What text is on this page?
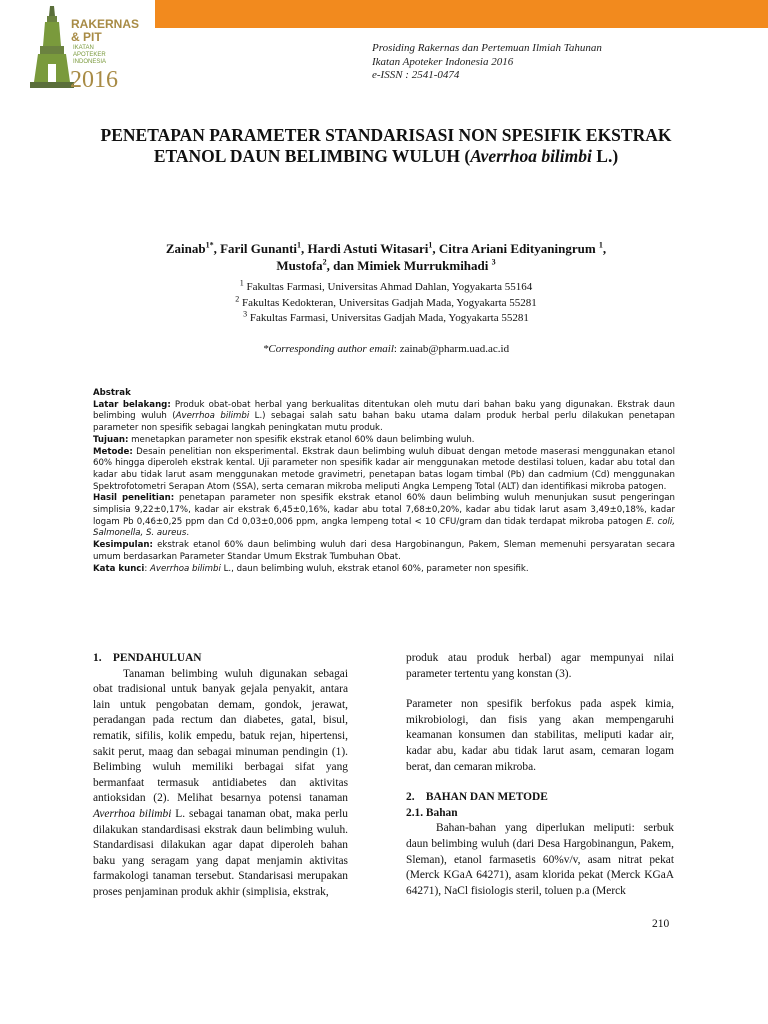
RAKERNAS
& PIT
IKATAN
APOTEKER
INDONESIA
2016
Prosiding Rakernas dan Pertemuan Ilmiah Tahunan
Ikatan Apoteker Indonesia 2016
e-ISSN : 2541-0474
PENETAPAN PARAMETER STANDARISASI NON SPESIFIK EKSTRAK ETANOL DAUN BELIMBING WULUH (Averrhoa bilimbi L.)
Zainab$^{1*}$, Faril Gunanti$^1$, Hardi Astuti Witasari$^1$, Citra Ariani Edityaningrum $^1$,
Mustofa$^2$, dan Mimiek Murrukmihadi $^3$
$^1$ Fakultas Farmasi, Universitas Ahmad Dahlan, Yogyakarta 55164
$^2$ Fakultas Kedokteran, Universitas Gadjah Mada, Yogyakarta 55281
$^3$ Fakultas Farmasi, Universitas Gadjah Mada, Yogyakarta 55281
*Corresponding author email: zainab@pharm.uad.ac.id

Abstrak

Latar belakang: Produk obat-obat herbal yang berkualitas ditentukan oleh mutu dari bahan baku yang digunakan. Ekstrak daun belimbing wuluh (Averrhoa bilimbi L.) sebagai salah satu bahan baku utama dalam produk herbal perlu dilakukan penetapan parameter non spesifik sebagai langkah peningkatan mutu produk.

Tujuan: menetapkan parameter non spesifik ekstrak etanol 60% daun belimbing wuluh.

Metode: Desain penelitian non eksperimental. Ekstrak daun belimbing wuluh dibuat dengan metode maserasi menggunakan etanol 60% hingga diperoleh ekstrak kental. Uji parameter non spesifik kadar air menggunakan metode destilasi toluen, kadar abu total dan kadar abu tidak larut asam menggunakan metode gravimetri, penetapan batas logam timbal (Pb) dan cadmium (Cd) menggunakan Spektrofotometri Serapan Atom (SSA), serta cemaran mikroba meliputi Angka Lempeng Total (ALT) dan identifikasi mikroba patogen.

Hasil penelitian: penetapan parameter non spesifik ekstrak etanol 60% daun belimbing wuluh menunjukan susut pengeringan simplisia 9,22±0,17%, kadar air ekstrak 6,45±0,16%, kadar abu total 7,68±0,20%, kadar abu tidak larut asam 3,49±0,18%, kadar logam Pb 0,46±0,25 ppm dan Cd 0,03±0,006 ppm, angka lempeng total < 10 CFU/gram dan tidak terdapat mikroba patogen E. coli, Salmonella, S. aureus.

Kesimpulan: ekstrak etanol 60% daun belimbing wuluh dari desa Hargobinangun, Pakem, Sleman memenuhi persyaratan secara umum berdasarkan Parameter Standar Umum Ekstrak Tumbuhan Obat.

Kata kunci: Averrhoa bilimbi L., daun belimbing wuluh, ekstrak etanol 60%, parameter non spesifik.

1.    PENDAHULUAN

Tanaman belimbing wuluh digunakan sebagai obat tradisional untuk banyak gejala penyakit, antara lain untuk pengobatan demam, gondok, jerawat, peradangan pada rectum dan diabetes, gatal, bisul, rematik, sifilis, kolik empedu, batuk rejan, hipertensi, sakit perut, maag dan sebagai minuman pendingin (1). Belimbing wuluh memiliki berbagai sifat yang bermanfaat termasuk antidiabetes dan aktivitas antioksidan (2). Melihat besarnya potensi tanaman Averrhoa bilimbi L. sebagai tanaman obat, maka perlu dilakukan standardisasi ekstrak daun belimbing wuluh. Standardisasi dilakukan agar dapat diperoleh bahan baku yang seragam yang dapat menjamin aktivitas farmakologi tanaman tersebut. Standarisasi merupakan proses penjaminan produk akhir (simplisia, ekstrak,

produk atau produk herbal) agar mempunyai nilai parameter tertentu yang konstan (3).

Parameter non spesifik berfokus pada aspek kimia, mikrobiologi, dan fisis yang akan mempengaruhi keamanan konsumen dan stabilitas, meliputi kadar air, kadar abu, kadar abu tidak larut asam, cemaran logam berat, dan cemaran mikroba.

2.    BAHAN DAN METODE

2.1. Bahan

Bahan-bahan yang diperlukan meliputi: serbuk daun belimbing wuluh (dari Desa Hargobinangun, Pakem, Sleman), etanol farmasetis 60%v/v, asam nitrat pekat (Merck KGaA 64271), asam klorida pekat (Merck KGaA 64271), NaCl fisiologis steril, toluen p.a (Merck

210
